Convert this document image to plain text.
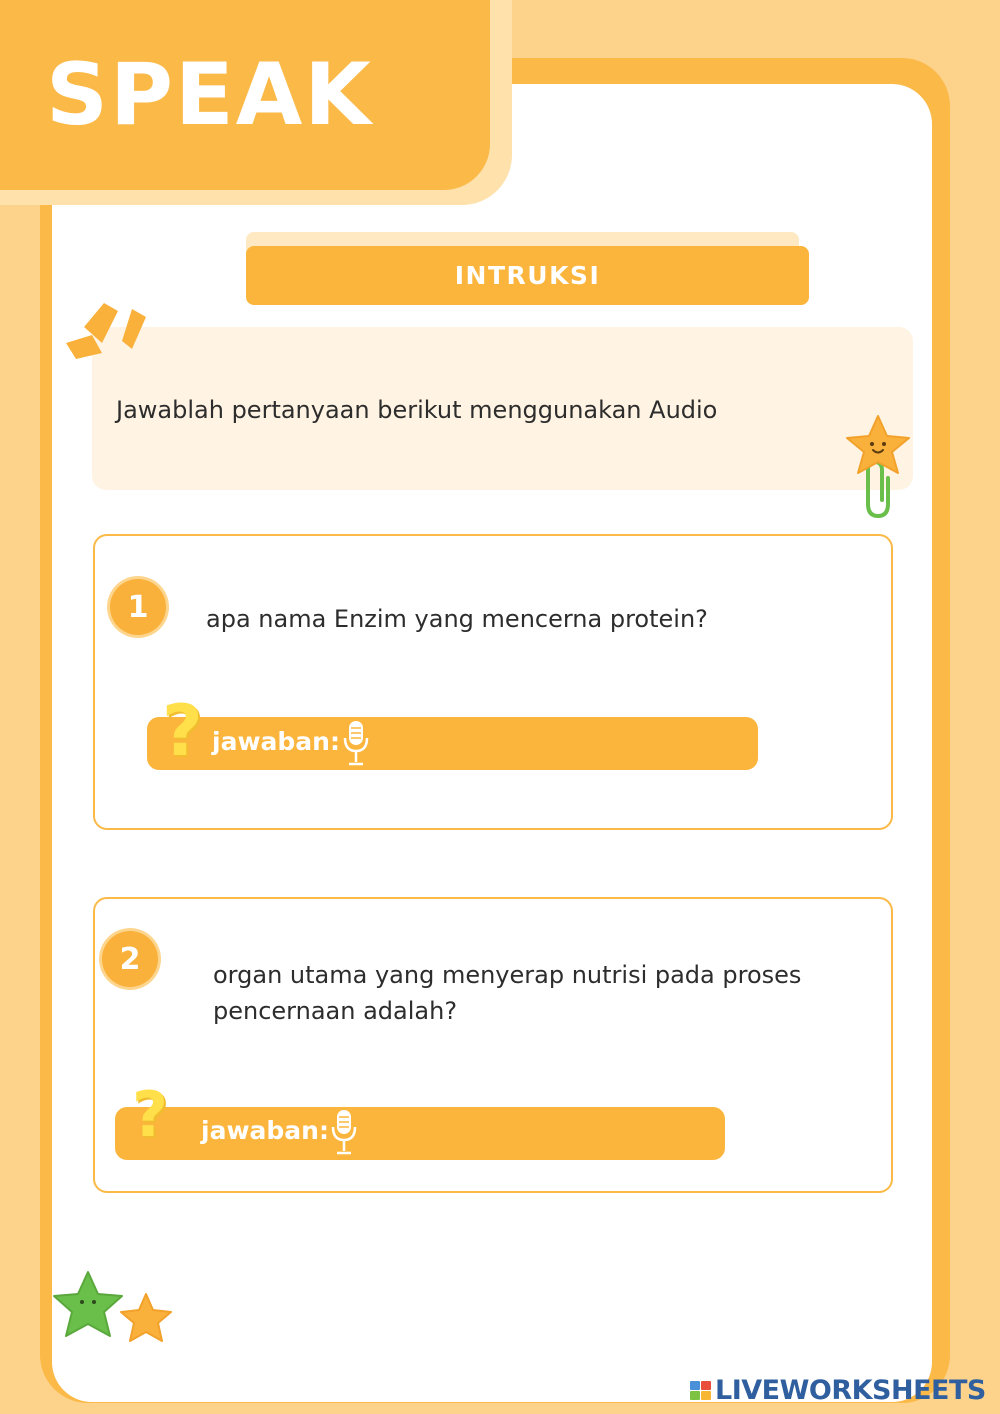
SPEAK
INTRUKSI
Jawablah pertanyaan berikut menggunakan Audio
1	apa nama Enzim yang mencerna protein?
? jawaban:
2	organ utama yang menyerap nutrisi pada proses pencernaan adalah?
? jawaban:
LIVEWORKSHEETS
